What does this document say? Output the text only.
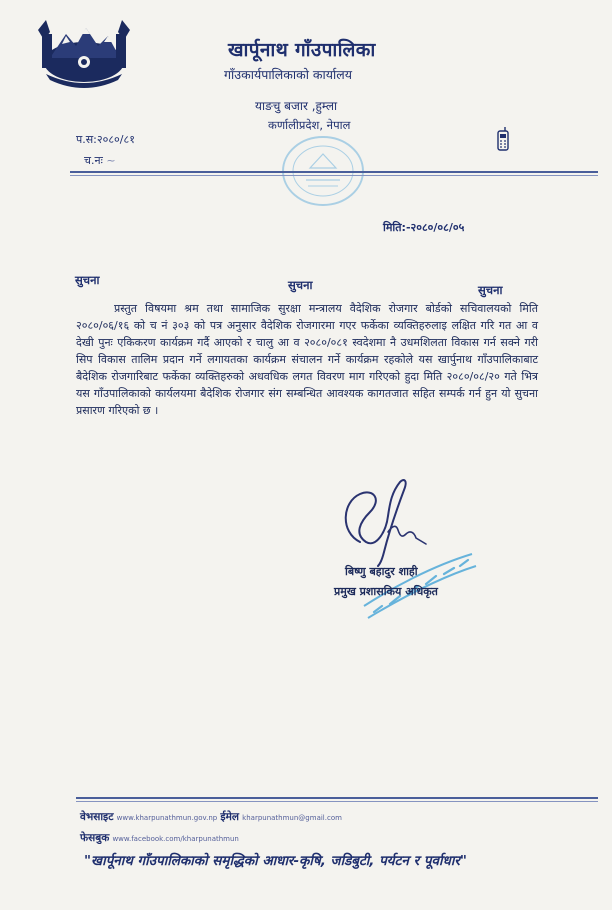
खार्पूनाथ गाँउपालिका
गाँउकार्यपालिकाको कार्यालय
याङचु बजार ,हुम्ला
कर्णालीप्रदेश, नेपाल
प.स:२०८०/८१
च.नः ~
मिति:-२०८०/०८/०५
सुचना	सुचना	सुचना

प्रस्तुत विषयमा श्रम तथा सामाजिक सुरक्षा मन्त्रालय वैदेशिक रोजगार बोर्डको सचिवालयको मिति २०८०/०६/१६ को च नं ३०३ को पत्र अनुसार वैदेशिक रोजगारमा गएर फर्केका व्यक्तिहरुलाइ लक्षित गरि गत आ व देखी पुनः एकिकरण कार्यक्रम गर्दै आएको र चालु आ व २०८०/०८१ स्वदेशमा नै उधमशिलता विकास गर्न सक्ने गरी सिप विकास तालिम प्रदान गर्ने लगायतका कार्यक्रम संचालन गर्ने कार्यक्रम रहकोले यस खार्पुनाथ गाँउपालिकाबाट बैदेशिक रोजगारिबाट फर्केका व्यक्तिहरुको अधवधिक लगत विवरण माग गरिएको हुदा मिति २०८०/०८/२० गते भित्र यस गाँउपालिकाको कार्यलयमा बैदेशिक रोजगार संग सम्बन्धित आवश्यक कागतजात सहित सम्पर्क गर्न हुन यो सुचना प्रसारण गरिएको छ ।

बिष्णु बहादुर शाही
प्रमुख प्रशासकिय अधिकृत
वेभसाइट www.kharpunathmun.gov.np ईमेल kharpunathmun@gmail.com
फेसबुक www.facebook.com/kharpunathmun
"खार्पूनाथ गाँउपालिकाको समृद्धिको आधार-कृषि, जडिबुटी, पर्यटन र पूर्वाधार"
